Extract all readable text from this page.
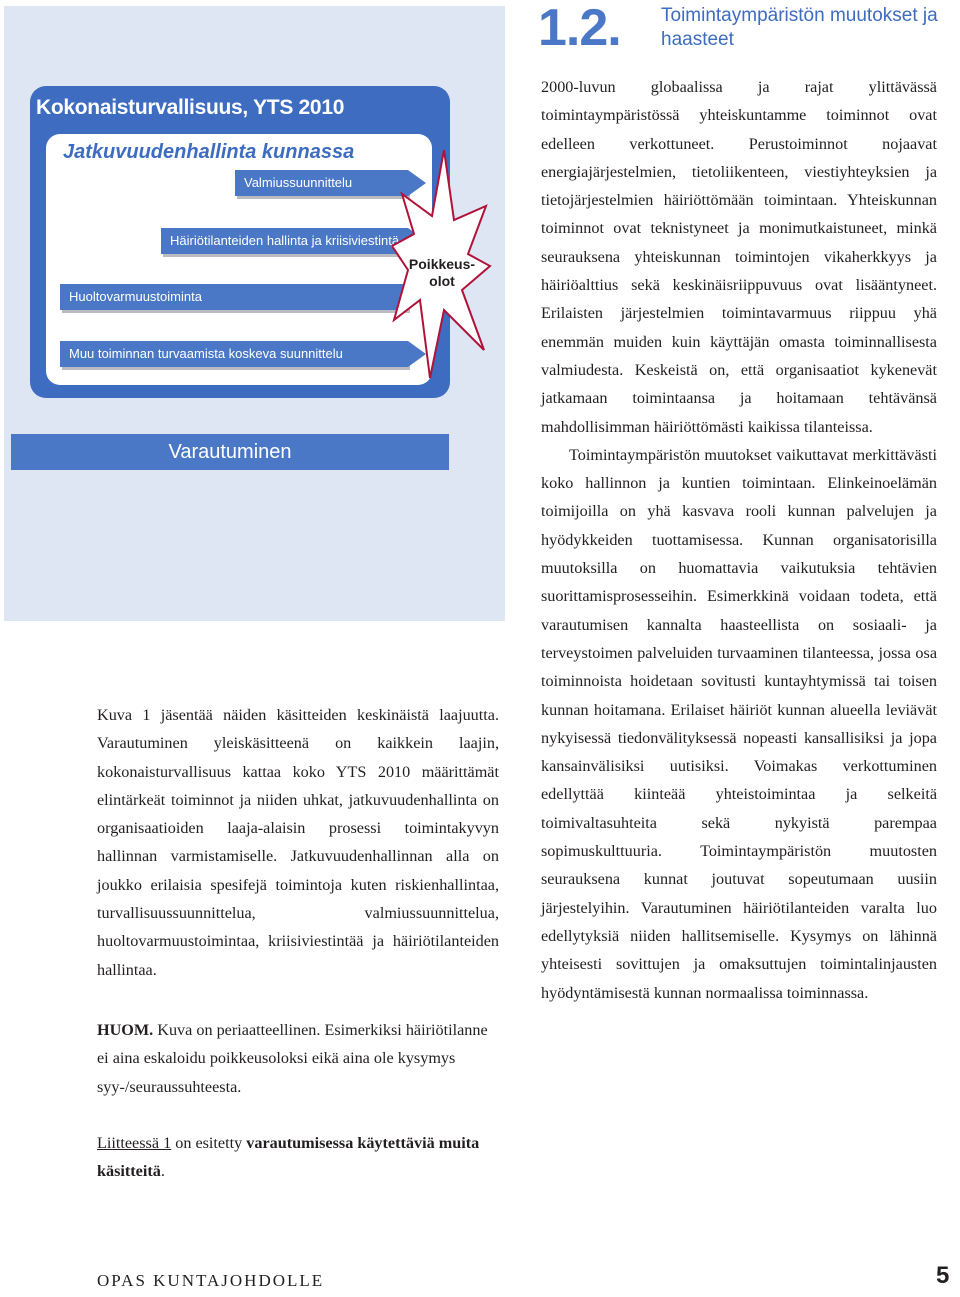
Kokonaisturvallisuus, YTS 2010
Jatkuvuudenhallinta kunnassa
Valmiussuunnittelu
Häiriötilanteiden hallinta ja kriisiviestintä
Huoltovarmuustoiminta
Muu toiminnan turvaamista koskeva suunnittelu
Poikkeus-
olot
Varautuminen

Kuva 1 jäsentää näiden käsitteiden keskinäistä laajuutta. Varautuminen yleiskäsitteenä on kaikkein laajin, kokonaisturvallisuus kattaa koko YTS 2010 määrittämät elintärkeät toiminnot ja niiden uhkat, jatkuvuudenhallinta on organisaatioiden laaja-alaisin prosessi toimintakyvyn hallinnan varmistamiselle. Jatkuvuudenhallinnan alla on joukko erilaisia spesifejä toimintoja kuten riskienhallintaa, turvallisuussuunnittelua, valmiussuunnittelua, huoltovarmuustoimintaa, kriisiviestintää ja häiriötilanteiden hallintaa.

HUOM. Kuva on periaatteellinen. Esimerkiksi häiriötilanne ei aina eskaloidu poikkeusoloksi eikä aina ole kysymys syy-/seuraussuhteesta.
Liitteessä 1 on esitetty varautumisessa käytettäviä muita käsitteitä.
1.2. Toimintaympäristön muutokset ja haasteet

2000-luvun globaalissa ja rajat ylittävässä toimintaympäristössä yhteiskuntamme toiminnot ovat edelleen verkottuneet. Perustoiminnot nojaavat energiajärjestelmien, tietoliikenteen, viestiyhteyksien ja tietojärjestelmien häiriöttömään toimintaan. Yhteiskunnan toiminnot ovat teknistyneet ja monimutkaistuneet, minkä seurauksena yhteiskunnan toimintojen vikaherkkyys ja häiriöalttius sekä keskinäisriippuvuus ovat lisääntyneet. Erilaisten järjestelmien toimintavarmuus riippuu yhä enemmän muiden kuin käyttäjän omasta toiminnallisesta valmiudesta. Keskeistä on, että organisaatiot kykenevät jatkamaan toimintaansa ja hoitamaan tehtävänsä mahdollisimman häiriöttömästi kaikissa tilanteissa.

Toimintaympäristön muutokset vaikuttavat merkittävästi koko hallinnon ja kuntien toimintaan. Elinkeinoelämän toimijoilla on yhä kasvava rooli kunnan palvelujen ja hyödykkeiden tuottamisessa. Kunnan organisatorisilla muutoksilla on huomattavia vaikutuksia tehtävien suorittamisprosesseihin. Esimerkkinä voidaan todeta, että varautumisen kannalta haasteellista on sosiaali- ja terveystoimen palveluiden turvaaminen tilanteessa, jossa osa toiminnoista hoidetaan sovitusti kuntayhtymissä tai toisen kunnan hoitamana. Erilaiset häiriöt kunnan alueella leviävät nykyisessä tiedonvälityksessä nopeasti kansallisiksi ja jopa kansainvälisiksi uutisiksi. Voimakas verkottuminen edellyttää kiinteää yhteistoimintaa ja selkeitä toimivaltasuhteita sekä nykyistä parempaa sopimuskulttuuria. Toimintaympäristön muutosten seurauksena kunnat joutuvat sopeutumaan uusiin järjestelyihin. Varautuminen häiriötilanteiden varalta luo edellytyksiä niiden hallitsemiselle. Kysymys on lähinnä yhteisesti sovittujen ja omaksuttujen toimintalinjausten hyödyntämisestä kunnan normaalissa toiminnassa.

OPAS KUNTAJOHDOLLE	5
